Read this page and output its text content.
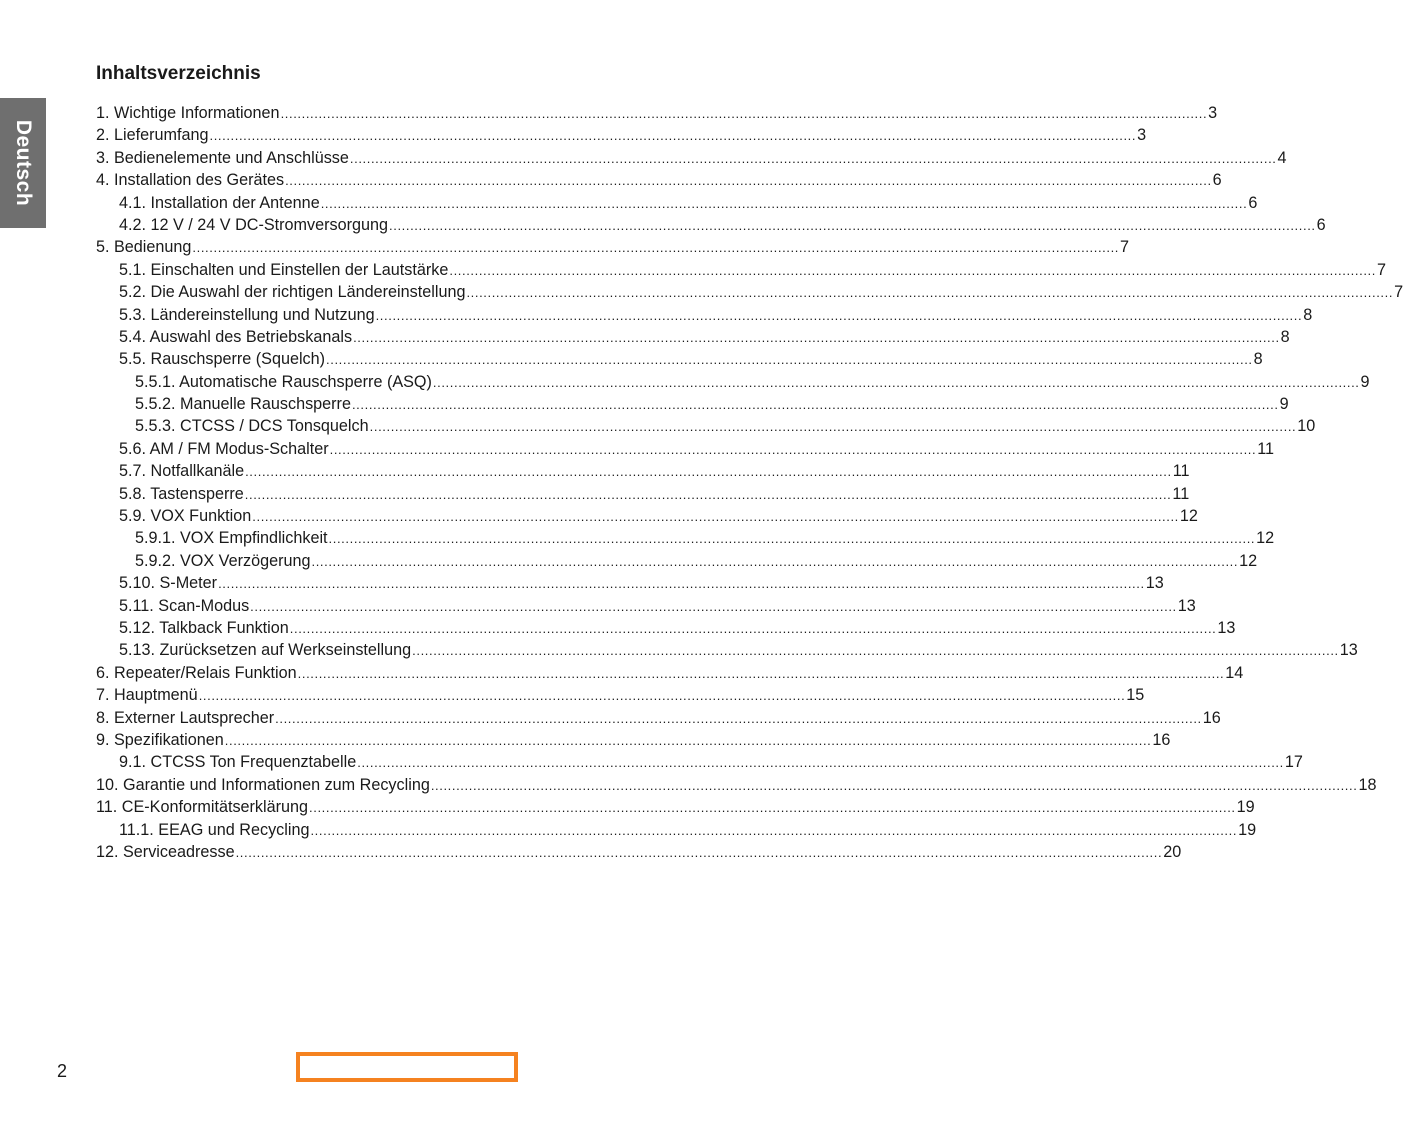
Deutsch
Inhaltsverzeichnis
1. Wichtige Informationen ............................................................................................................................................................................................................................ 3
2. Lieferumfang ............................................................................................................................................................................................................................ 3
3. Bedienelemente und Anschlüsse ............................................................................................................................................................................................................................ 4
4. Installation des Gerätes ............................................................................................................................................................................................................................ 6
4.1. Installation der Antenne ............................................................................................................................................................................................................................ 6
4.2. 12 V / 24 V DC-Stromversorgung ............................................................................................................................................................................................................................ 6
5. Bedienung ............................................................................................................................................................................................................................ 7
5.1. Einschalten und Einstellen der Lautstärke ............................................................................................................................................................................................................................ 7
5.2. Die Auswahl der richtigen Ländereinstellung ............................................................................................................................................................................................................................ 7
5.3. Ländereinstellung und Nutzung ............................................................................................................................................................................................................................ 8
5.4. Auswahl des Betriebskanals ............................................................................................................................................................................................................................ 8
5.5. Rauschsperre (Squelch) ............................................................................................................................................................................................................................ 8
5.5.1. Automatische Rauschsperre (ASQ) ............................................................................................................................................................................................................................ 9
5.5.2. Manuelle Rauschsperre ............................................................................................................................................................................................................................ 9
5.5.3. CTCSS / DCS Tonsquelch ............................................................................................................................................................................................................................ 10
5.6. AM / FM Modus-Schalter ............................................................................................................................................................................................................................ 11
5.7. Notfallkanäle ............................................................................................................................................................................................................................ 11
5.8. Tastensperre ............................................................................................................................................................................................................................ 11
5.9. VOX Funktion ............................................................................................................................................................................................................................ 12
5.9.1. VOX Empfindlichkeit ............................................................................................................................................................................................................................ 12
5.9.2. VOX Verzögerung ............................................................................................................................................................................................................................ 12
5.10. S-Meter ............................................................................................................................................................................................................................ 13
5.11. Scan-Modus ............................................................................................................................................................................................................................ 13
5.12. Talkback Funktion ............................................................................................................................................................................................................................ 13
5.13. Zurücksetzen auf Werkseinstellung ............................................................................................................................................................................................................................ 13
6. Repeater/Relais Funktion ............................................................................................................................................................................................................................ 14
7. Hauptmenü ............................................................................................................................................................................................................................ 15
8. Externer Lautsprecher ............................................................................................................................................................................................................................ 16
9. Spezifikationen ............................................................................................................................................................................................................................ 16
9.1. CTCSS Ton Frequenztabelle ............................................................................................................................................................................................................................ 17
10. Garantie und Informationen zum Recycling ............................................................................................................................................................................................................................ 18
11. CE-Konformitätserklärung ............................................................................................................................................................................................................................ 19
11.1. EEAG und Recycling ............................................................................................................................................................................................................................ 19
12. Serviceadresse ............................................................................................................................................................................................................................ 20
2
